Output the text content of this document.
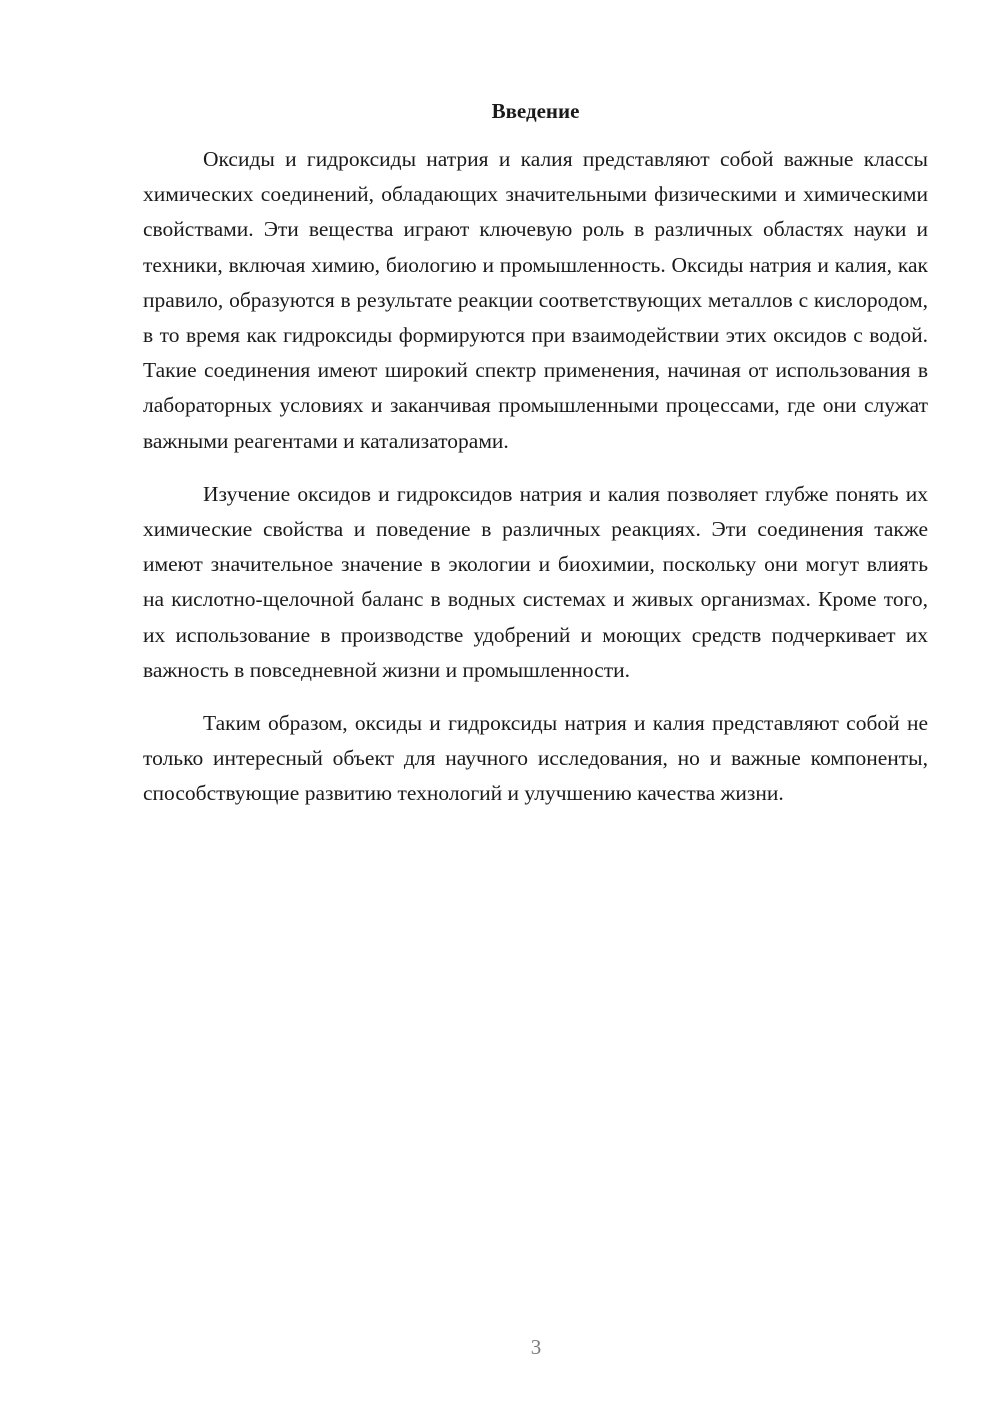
Введение

Оксиды и гидроксиды натрия и калия представляют собой важные классы химических соединений, обладающих значительными физическими и химическими свойствами. Эти вещества играют ключевую роль в различных областях науки и техники, включая химию, биологию и промышленность. Оксиды натрия и калия, как правило, образуются в результате реакции соответствующих металлов с кислородом, в то время как гидроксиды формируются при взаимодействии этих оксидов с водой. Такие соединения имеют широкий спектр применения, начиная от использования в лабораторных условиях и заканчивая промышленными процессами, где они служат важными реагентами и катализаторами.

Изучение оксидов и гидроксидов натрия и калия позволяет глубже понять их химические свойства и поведение в различных реакциях. Эти соединения также имеют значительное значение в экологии и биохимии, поскольку они могут влиять на кислотно-щелочной баланс в водных системах и живых организмах. Кроме того, их использование в производстве удобрений и моющих средств подчеркивает их важность в повседневной жизни и промышленности.

Таким образом, оксиды и гидроксиды натрия и калия представляют собой не только интересный объект для научного исследования, но и важные компоненты, способствующие развитию технологий и улучшению качества жизни.

3
